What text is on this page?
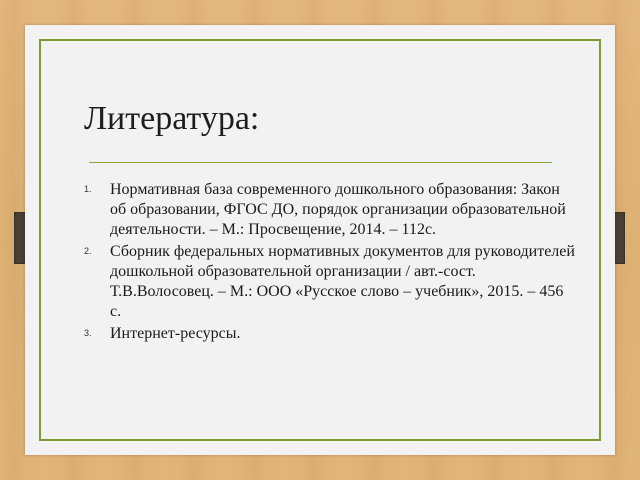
Литература:
1. Нормативная база современного дошкольного образования: Закон об образовании, ФГОС ДО, порядок организации образовательной деятельности. – М.: Просвещение, 2014. – 112с.
2. Сборник федеральных нормативных документов для руководителей дошкольной образовательной организации / авт.-сост. Т.В.Волосовец. – М.: ООО «Русское слово – учебник», 2015. – 456 с.
3. Интернет-ресурсы.
